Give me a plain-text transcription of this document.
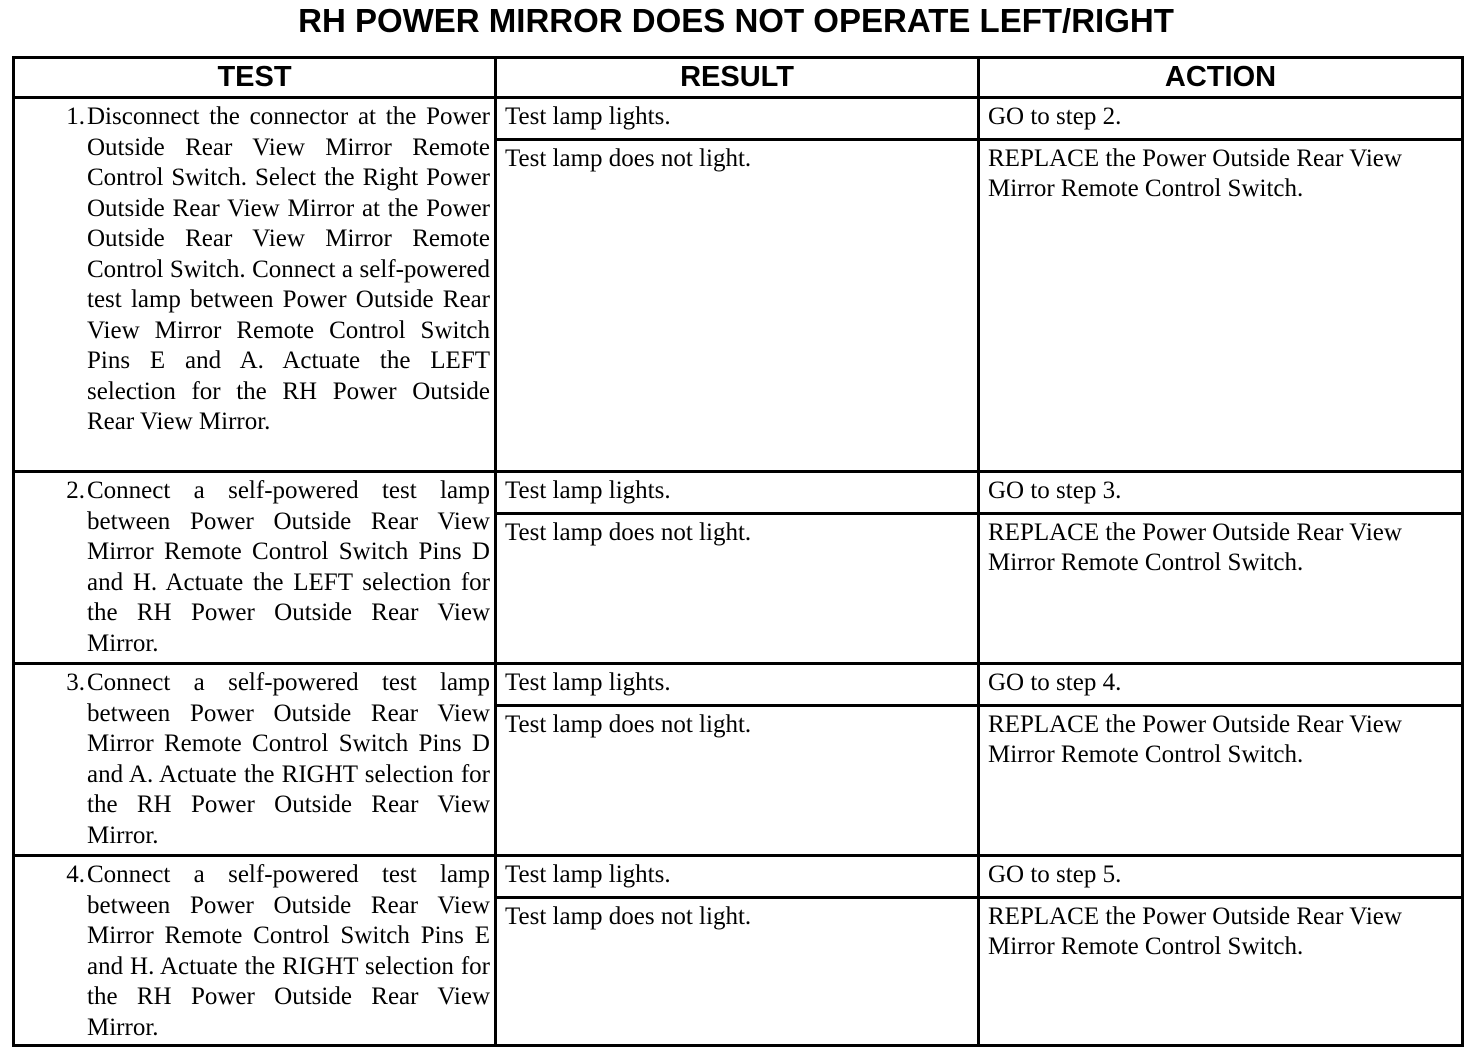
RH POWER MIRROR DOES NOT OPERATE LEFT/RIGHT
TEST	RESULT	ACTION

1. Disconnect the connector at the Power Outside Rear View Mirror Remote Control Switch. Select the Right Power Outside Rear View Mirror at the Power Outside Rear View Mirror Remote Control Switch. Connect a self-powered test lamp between Power Outside Rear View Mirror Remote Control Switch Pins E and A. Actuate the LEFT selection for the RH Power Outside Rear View Mirror.	Test lamp lights.	GO to step 2.
	Test lamp does not light.	REPLACE the Power Outside Rear View Mirror Remote Control Switch.

2. Connect a self-powered test lamp between Power Outside Rear View Mirror Remote Control Switch Pins D and H. Actuate the LEFT selection for the RH Power Outside Rear View Mirror.	Test lamp lights.	GO to step 3.
	Test lamp does not light.	REPLACE the Power Outside Rear View Mirror Remote Control Switch.

3. Connect a self-powered test lamp between Power Outside Rear View Mirror Remote Control Switch Pins D and A. Actuate the RIGHT selection for the RH Power Outside Rear View Mirror.	Test lamp lights.	GO to step 4.
	Test lamp does not light.	REPLACE the Power Outside Rear View Mirror Remote Control Switch.

4. Connect a self-powered test lamp between Power Outside Rear View Mirror Remote Control Switch Pins E and H. Actuate the RIGHT selection for the RH Power Outside Rear View Mirror.	Test lamp lights.	GO to step 5.
	Test lamp does not light.	REPLACE the Power Outside Rear View Mirror Remote Control Switch.
